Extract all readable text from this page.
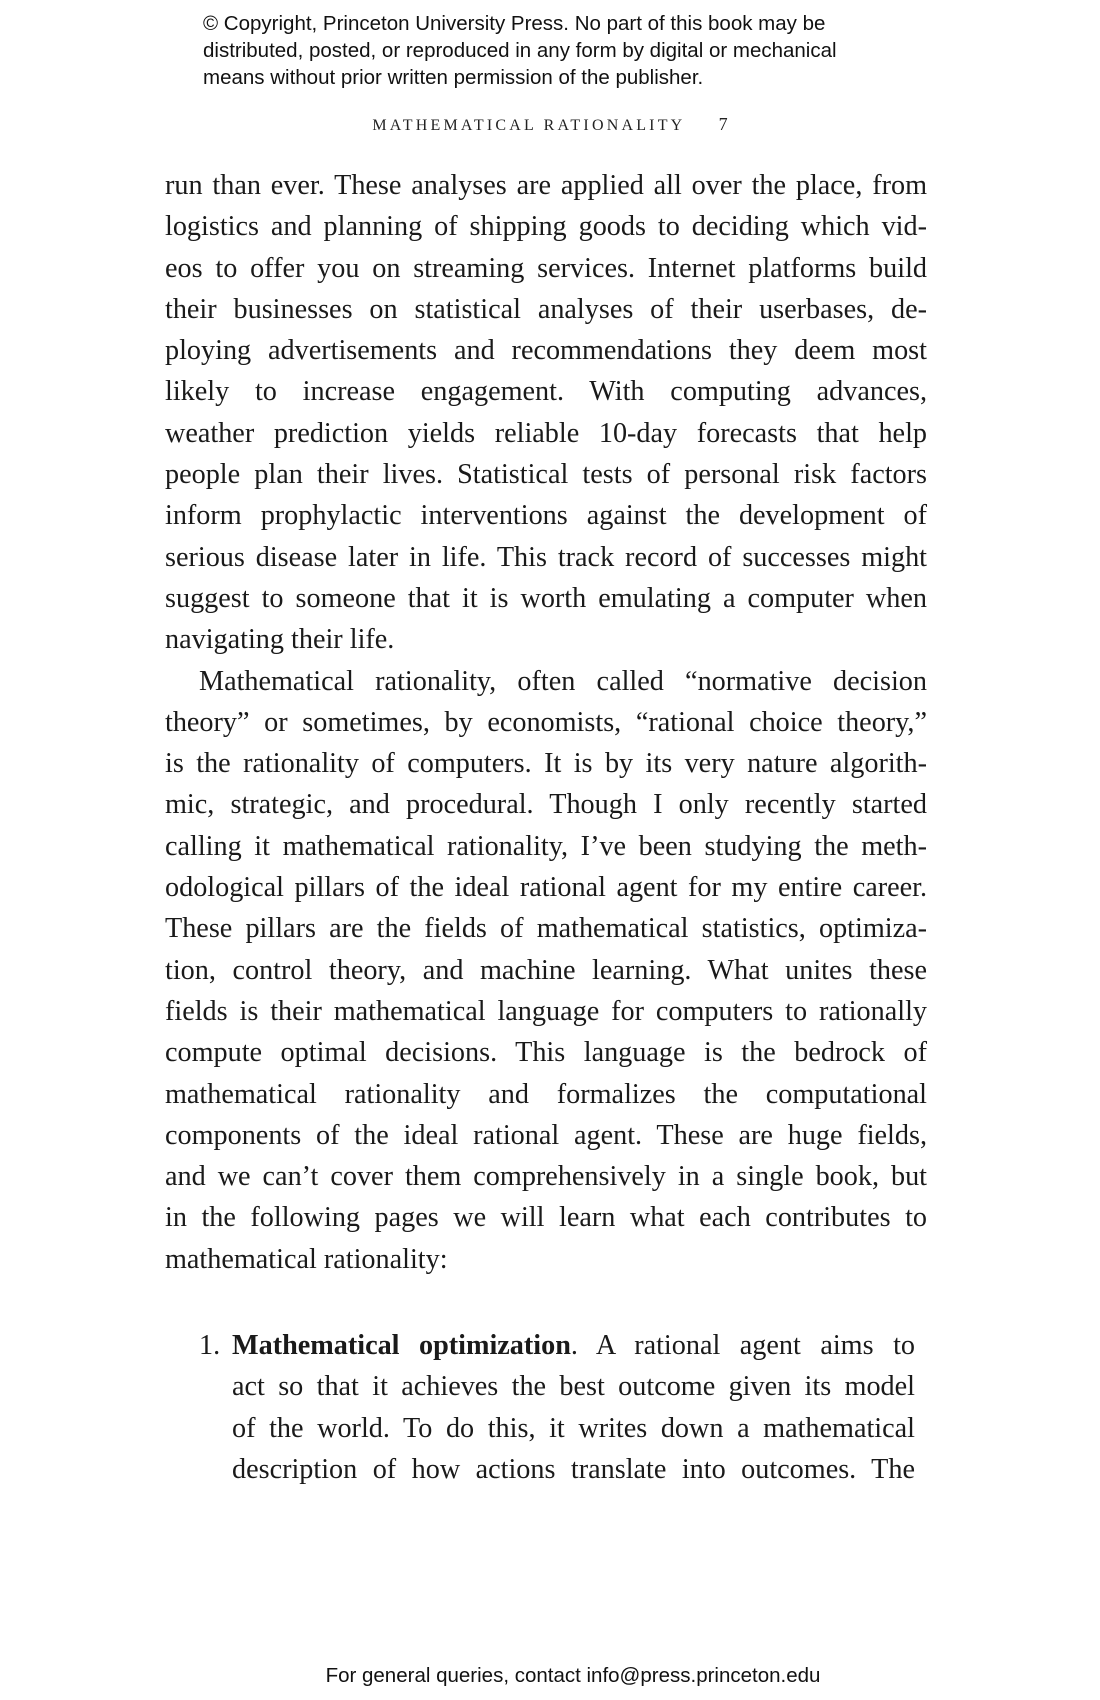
© Copyright, Princeton University Press. No part of this book may be
distributed, posted, or reproduced in any form by digital or mechanical
means without prior written permission of the publisher.
MATHEMATICAL RATIONALITY 7
run than ever. These analyses are applied all over the place, from
logistics and planning of shipping goods to deciding which vid-
eos to offer you on streaming services. Internet platforms build
their businesses on statistical analyses of their userbases, de-
ploying advertisements and recommendations they deem most
likely to increase engagement. With computing advances,
weather prediction yields reliable 10-day forecasts that help
people plan their lives. Statistical tests of personal risk factors
inform prophylactic interventions against the development of
serious disease later in life. This track record of successes might
suggest to someone that it is worth emulating a computer when
navigating their life.
Mathematical rationality, often called “normative decision
theory” or sometimes, by economists, “rational choice theory,”
is the rationality of computers. It is by its very nature algorith-
mic, strategic, and procedural. Though I only recently started
calling it mathematical rationality, I’ve been studying the meth-
odological pillars of the ideal rational agent for my entire career.
These pillars are the fields of mathematical statistics, optimiza-
tion, control theory, and machine learning. What unites these
fields is their mathematical language for computers to rationally
compute optimal decisions. This language is the bedrock of
mathematical rationality and formalizes the computational
components of the ideal rational agent. These are huge fields,
and we can’t cover them comprehensively in a single book, but
in the following pages we will learn what each contributes to
mathematical rationality:
1. Mathematical optimization. A rational agent aims to
act so that it achieves the best outcome given its model
of the world. To do this, it writes down a mathematical
description of how actions translate into outcomes. The
For general queries, contact info@press.princeton.edu
